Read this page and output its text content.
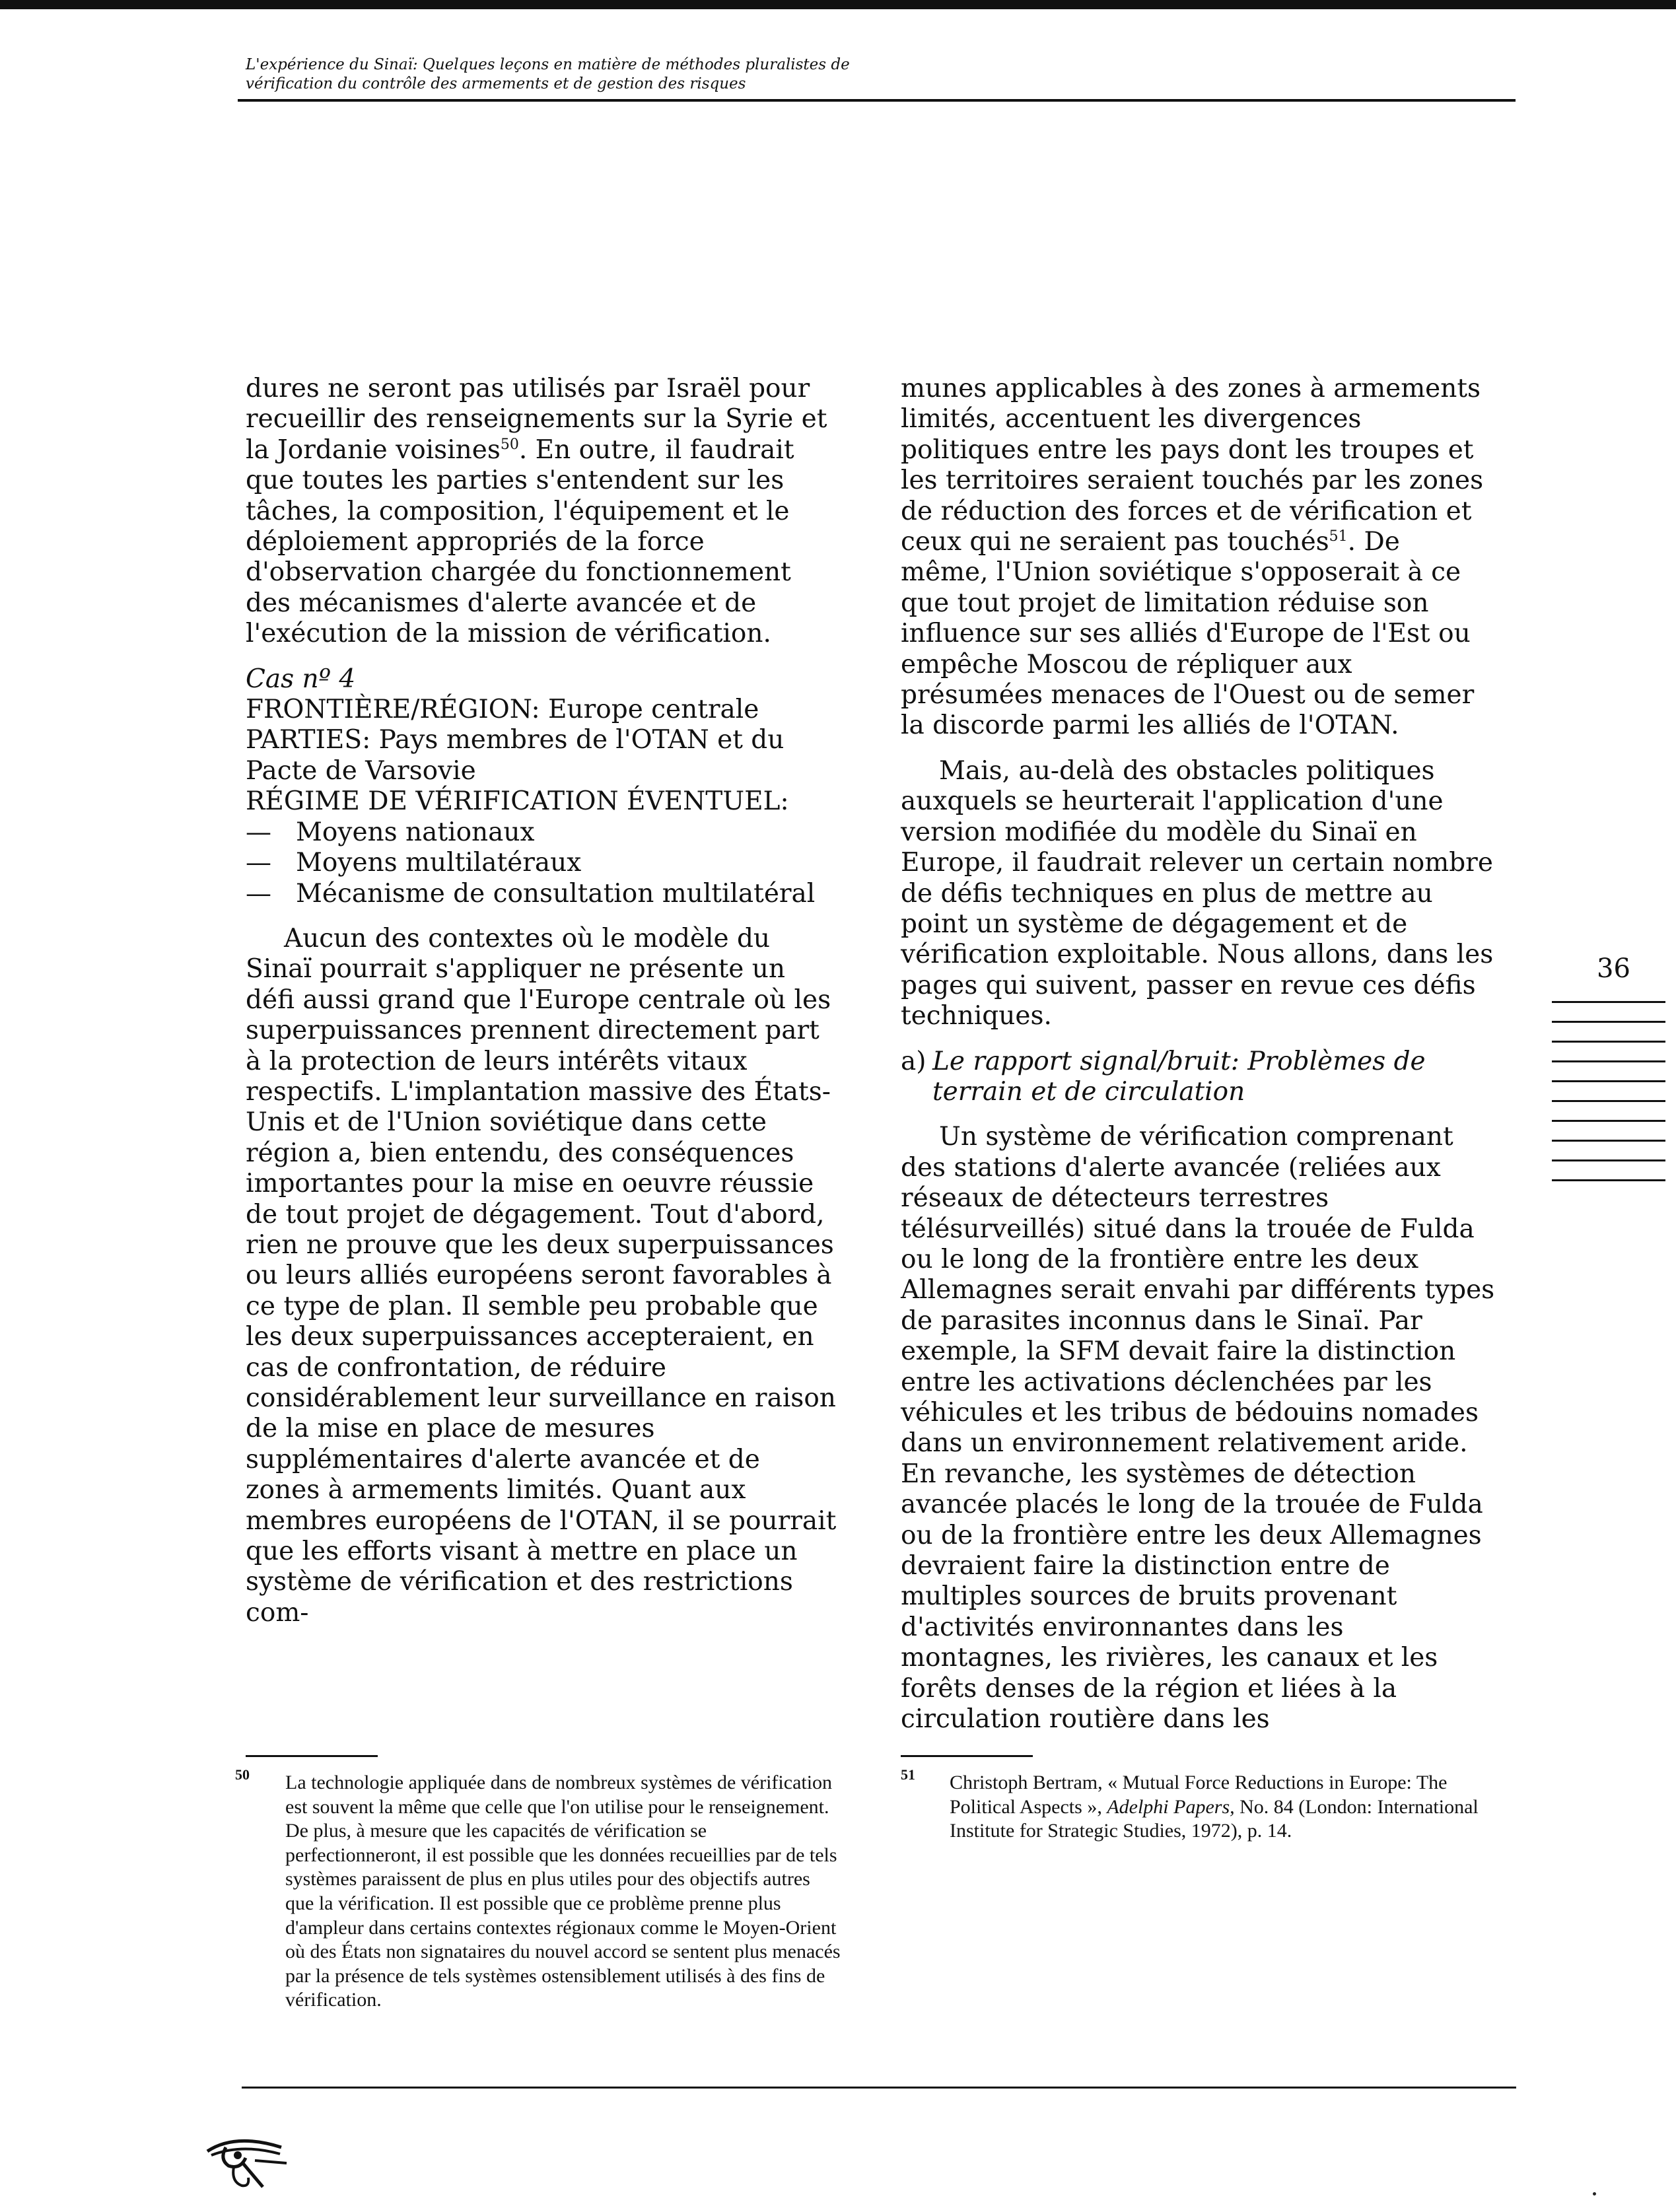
L'expérience du Sinaï: Quelques leçons en matière de méthodes pluralistes de
vérification du contrôle des armements et de gestion des risques

dures ne seront pas utilisés par Israël pour recueillir des renseignements sur la Syrie et la Jordanie voisines$^{50}$. En outre, il faudrait que toutes les parties s'entendent sur les tâches, la composition, l'équipement et le déploiement appropriés de la force d'observation chargée du fonctionnement des mécanismes d'alerte avancée et de l'exécution de la mission de vérification.

Cas nº 4

FRONTIÈRE/RÉGION: Europe centrale

PARTIES: Pays membres de l'OTAN et du Pacte de Varsovie

RÉGIME DE VÉRIFICATION ÉVENTUEL:

— Moyens nationaux
— Moyens multilatéraux
— Mécanisme de consultation multilatéral

Aucun des contextes où le modèle du Sinaï pourrait s'appliquer ne présente un défi aussi grand que l'Europe centrale où les superpuissances prennent directement part à la protection de leurs intérêts vitaux respectifs. L'implantation massive des États-Unis et de l'Union soviétique dans cette région a, bien entendu, des conséquences importantes pour la mise en oeuvre réussie de tout projet de dégagement. Tout d'abord, rien ne prouve que les deux superpuissances ou leurs alliés européens seront favorables à ce type de plan. Il semble peu probable que les deux superpuissances accepteraient, en cas de confrontation, de réduire considérablement leur surveillance en raison de la mise en place de mesures supplémentaires d'alerte avancée et de zones à armements limités. Quant aux membres européens de l'OTAN, il se pourrait que les efforts visant à mettre en place un système de vérification et des restrictions com-

munes applicables à des zones à armements limités, accentuent les divergences politiques entre les pays dont les troupes et les territoires seraient touchés par les zones de réduction des forces et de vérification et ceux qui ne seraient pas touchés$^{51}$. De même, l'Union soviétique s'opposerait à ce que tout projet de limitation réduise son influence sur ses alliés d'Europe de l'Est ou empêche Moscou de répliquer aux présumées menaces de l'Ouest ou de semer la discorde parmi les alliés de l'OTAN.

Mais, au-delà des obstacles politiques auxquels se heurterait l'application d'une version modifiée du modèle du Sinaï en Europe, il faudrait relever un certain nombre de défis techniques en plus de mettre au point un système de dégagement et de vérification exploitable. Nous allons, dans les pages qui suivent, passer en revue ces défis techniques.

a) Le rapport signal/bruit: Problèmes de terrain et de circulation

Un système de vérification comprenant des stations d'alerte avancée (reliées aux réseaux de détecteurs terrestres télésurveillés) situé dans la trouée de Fulda ou le long de la frontière entre les deux Allemagnes serait envahi par différents types de parasites inconnus dans le Sinaï. Par exemple, la SFM devait faire la distinction entre les activations déclenchées par les véhicules et les tribus de bédouins nomades dans un environnement relativement aride. En revanche, les systèmes de détection avancée placés le long de la trouée de Fulda ou de la frontière entre les deux Allemagnes devraient faire la distinction entre de multiples sources de bruits provenant d'activités environnantes dans les montagnes, les rivières, les canaux et les forêts denses de la région et liées à la circulation routière dans les

36
50 La technologie appliquée dans de nombreux systèmes de vérification est souvent la même que celle que l'on utilise pour le renseignement. De plus, à mesure que les capacités de vérification se perfectionneront, il est possible que les données recueillies par de tels systèmes paraissent de plus en plus utiles pour des objectifs autres que la vérification. Il est possible que ce problème prenne plus d'ampleur dans certains contextes régionaux comme le Moyen-Orient où des États non signataires du nouvel accord se sentent plus menacés par la présence de tels systèmes ostensiblement utilisés à des fins de vérification.
51 Christoph Bertram, « Mutual Force Reductions in Europe: The Political Aspects », Adelphi Papers, No. 84 (London: International Institute for Strategic Studies, 1972), p. 14.
